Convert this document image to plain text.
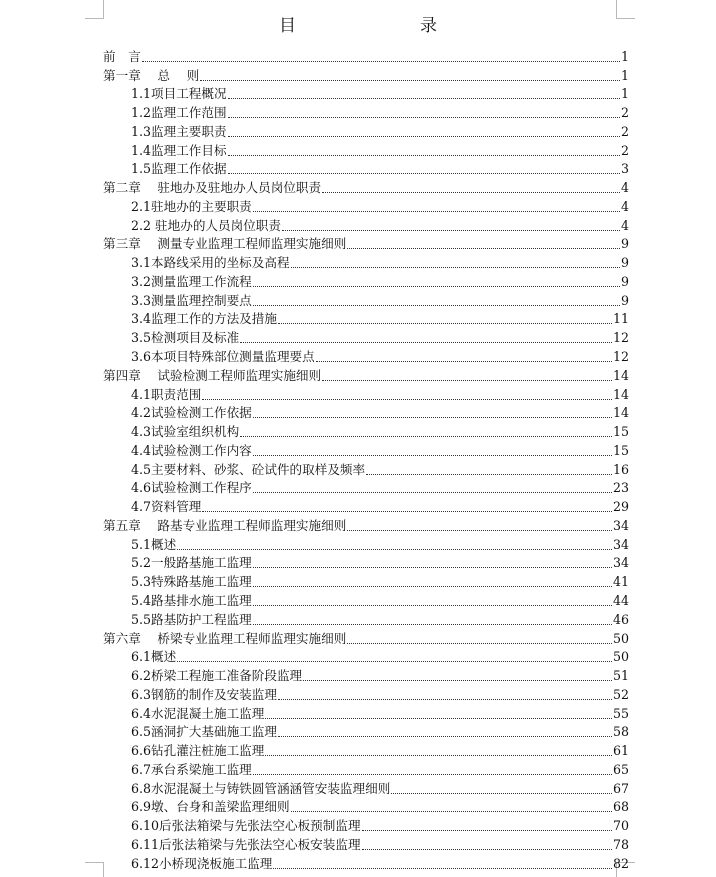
目　　录
前　言	1
第一章　 总　 则	1
1.1项目工程概况	1
1.2监理工作范围	2
1.3监理主要职责	2
1.4监理工作目标	2
1.5监理工作依据	3
第二章　 驻地办及驻地办人员岗位职责	4
2.1驻地办的主要职责	4
2.2 驻地办的人员岗位职责	4
第三章　 测量专业监理工程师监理实施细则	9
3.1本路线采用的坐标及高程	9
3.2测量监理工作流程	9
3.3测量监理控制要点	9
3.4监理工作的方法及措施	11
3.5检测项目及标准	12
3.6本项目特殊部位测量监理要点	12
第四章　 试验检测工程师监理实施细则	14
4.1职责范围	14
4.2试验检测工作依据	14
4.3试验室组织机构	15
4.4试验检测工作内容	15
4.5主要材料、砂浆、砼试件的取样及频率	16
4.6试验检测工作程序	23
4.7资料管理	29
第五章　 路基专业监理工程师监理实施细则	34
5.1概述	34
5.2一般路基施工监理	34
5.3特殊路基施工监理	41
5.4路基排水施工监理	44
5.5路基防护工程监理	46
第六章　 桥梁专业监理工程师监理实施细则	50
6.1概述	50
6.2桥梁工程施工准备阶段监理	51
6.3钢筋的制作及安装监理	52
6.4水泥混凝土施工监理	55
6.5涵洞扩大基础施工监理	58
6.6钻孔灌注桩施工监理	61
6.7承台系梁施工监理	65
6.8水泥混凝土与铸铁圆管涵涵管安装监理细则	67
6.9墩、台身和盖梁监理细则	68
6.10后张法箱梁与先张法空心板预制监理	70
6.11后张法箱梁与先张法空心板安装监理	78
6.12小桥现浇板施工监理	82
